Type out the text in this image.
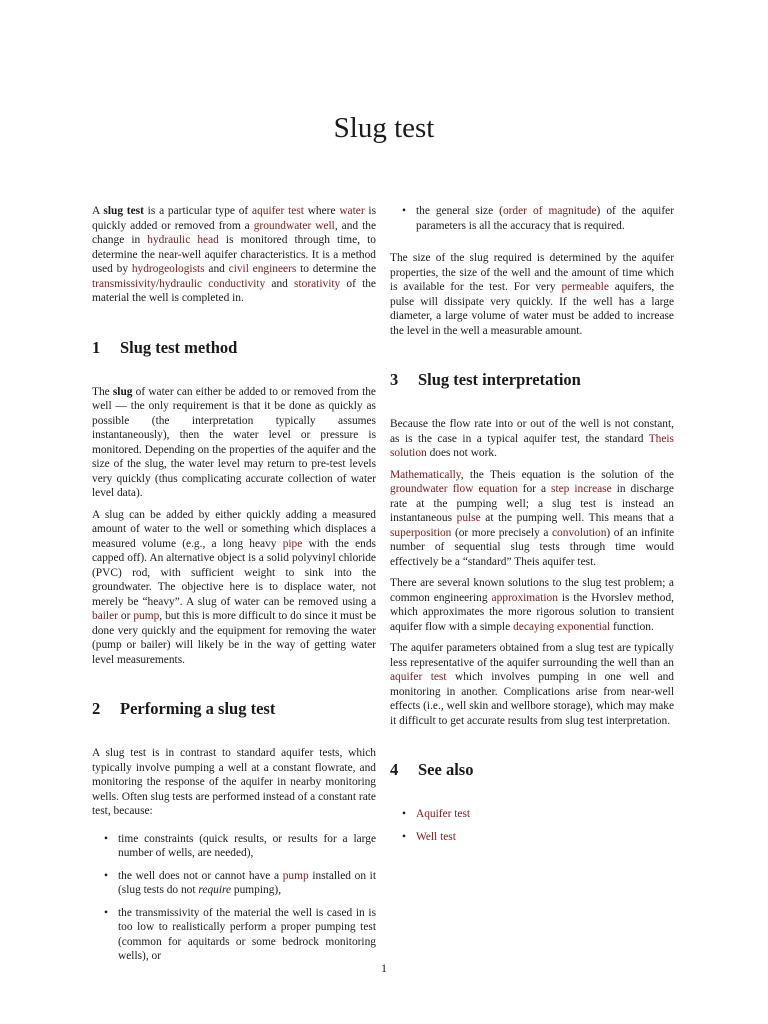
Slug test

A slug test is a particular type of aquifer test where water is quickly added or removed from a groundwater well, and the change in hydraulic head is monitored through time, to determine the near-well aquifer characteristics. It is a method used by hydrogeologists and civil engineers to determine the transmissivity/hydraulic conductivity and storativity of the material the well is completed in.

1 Slug test method

The slug of water can either be added to or removed from the well — the only requirement is that it be done as quickly as possible (the interpretation typically assumes instantaneously), then the water level or pressure is monitored. Depending on the properties of the aquifer and the size of the slug, the water level may return to pre-test levels very quickly (thus complicating accurate collection of water level data).

A slug can be added by either quickly adding a measured amount of water to the well or something which displaces a measured volume (e.g., a long heavy pipe with the ends capped off). An alternative object is a solid polyvinyl chloride (PVC) rod, with sufficient weight to sink into the groundwater. The objective here is to displace water, not merely be “heavy”. A slug of water can be removed using a bailer or pump, but this is more difficult to do since it must be done very quickly and the equipment for removing the water (pump or bailer) will likely be in the way of getting water level measurements.

2 Performing a slug test

A slug test is in contrast to standard aquifer tests, which typically involve pumping a well at a constant flowrate, and monitoring the response of the aquifer in nearby monitoring wells. Often slug tests are performed instead of a constant rate test, because:

• time constraints (quick results, or results for a large number of wells, are needed),
• the well does not or cannot have a pump installed on it (slug tests do not require pumping),
• the transmissivity of the material the well is cased in is too low to realistically perform a proper pumping test (common for aquitards or some bedrock monitoring wells), or
• the general size (order of magnitude) of the aquifer parameters is all the accuracy that is required.

The size of the slug required is determined by the aquifer properties, the size of the well and the amount of time which is available for the test. For very permeable aquifers, the pulse will dissipate very quickly. If the well has a large diameter, a large volume of water must be added to increase the level in the well a measurable amount.

3 Slug test interpretation

Because the flow rate into or out of the well is not constant, as is the case in a typical aquifer test, the standard Theis solution does not work.

Mathematically, the Theis equation is the solution of the groundwater flow equation for a step increase in discharge rate at the pumping well; a slug test is instead an instantaneous pulse at the pumping well. This means that a superposition (or more precisely a convolution) of an infinite number of sequential slug tests through time would effectively be a “standard” Theis aquifer test.

There are several known solutions to the slug test problem; a common engineering approximation is the Hvorslev method, which approximates the more rigorous solution to transient aquifer flow with a simple decaying exponential function.

The aquifer parameters obtained from a slug test are typically less representative of the aquifer surrounding the well than an aquifer test which involves pumping in one well and monitoring in another. Complications arise from near-well effects (i.e., well skin and wellbore storage), which may make it difficult to get accurate results from slug test interpretation.

4 See also
• Aquifer test
• Well test
1
